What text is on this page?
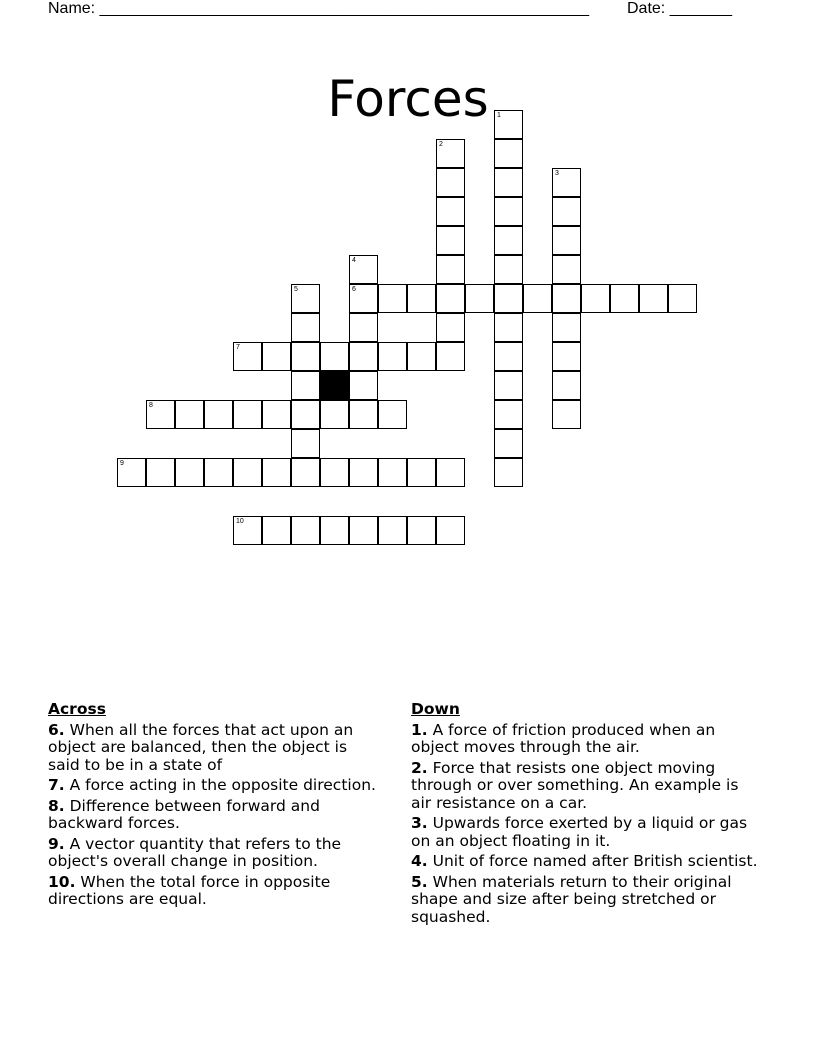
Name: _______________________________________________________ Date: _______
Forces	1
2
3
4
6
5
7
8
9
10
Across
6. When all the forces that act upon an object are balanced, then the object is said to be in a state of
7. A force acting in the opposite direction.
8. Difference between forward and backward forces.
9. A vector quantity that refers to the object's overall change in position.
10. When the total force in opposite directions are equal.
Down
1. A force of friction produced when an object moves through the air.
2. Force that resists one object moving through or over something. An example is air resistance on a car.
3. Upwards force exerted by a liquid or gas on an object floating in it.
4. Unit of force named after British scientist.
5. When materials return to their original shape and size after being stretched or squashed.
